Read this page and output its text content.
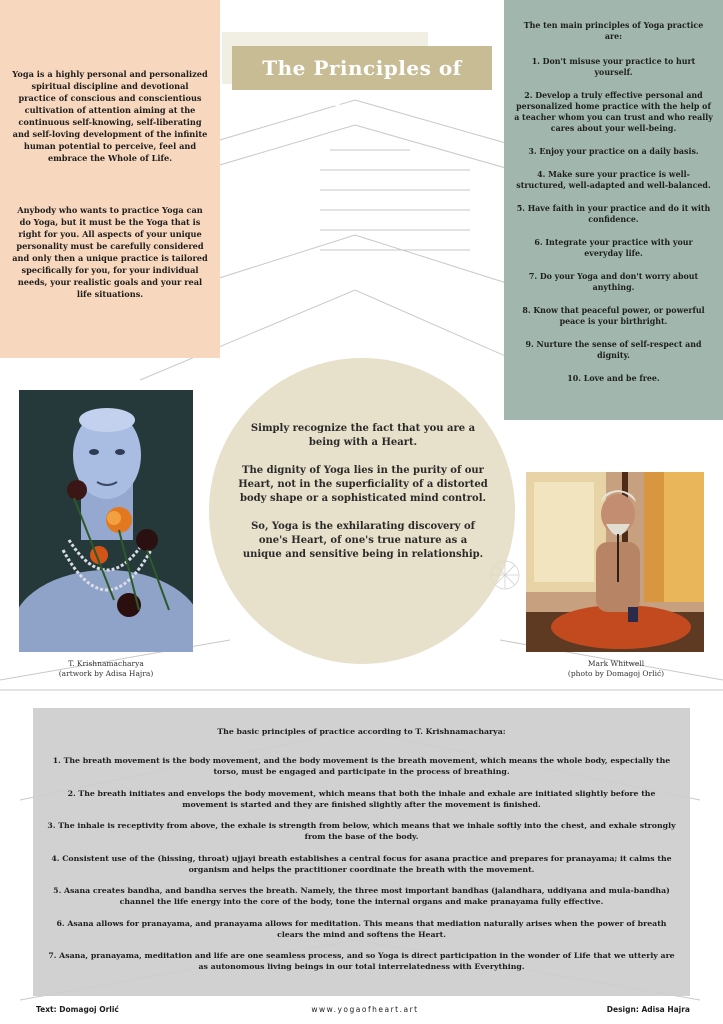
Yoga is a highly personal and personalized spiritual discipline and devotional practice of conscious and conscientious cultivation of attention aiming at the continuous self-knowing, self-liberating and self-loving development of the infinite human potential to perceive, feel and embrace the Whole of Life.

Anybody who wants to practice Yoga can do Yoga, but it must be the Yoga that is right for you. All aspects of your unique personality must be carefully considered and only then a unique practice is tailored specifically for you, for your individual needs, your realistic goals and your real life situations.

The Principles of Yoga

The ten main principles of Yoga practice are:

1. Don't misuse your practice to hurt yourself.
2. Develop a truly effective personal and personalized home practice with the help of a teacher whom you can trust and who really cares about your well-being.
3. Enjoy your practice on a daily basis.
4. Make sure your practice is well-structured, well-adapted and well-balanced.
5. Have faith in your practice and do it with confidence.
6. Integrate your practice with your everyday life.
7. Do your Yoga and don't worry about anything.
8. Know that peaceful power, or powerful peace is your birthright.
9. Nurture the sense of self-respect and dignity.
10. Love and be free.

Simply recognize the fact that you are a being with a Heart.

The dignity of Yoga lies in the purity of our Heart, not in the superficiality of a distorted body shape or a sophisticated mind control.

So, Yoga is the exhilarating discovery of one's Heart, of one's true nature as a unique and sensitive being in relationship.

T. Krishnamacharya
(artwork by Adisa Hajra)
Mark Whitwell
(photo by Domagoj Orlić)

The basic principles of practice according to T. Krishnamacharya:

1. The breath movement is the body movement, and the body movement is the breath movement, which means the whole body, especially the torso, must be engaged and participate in the process of breathing.
2. The breath initiates and envelops the body movement, which means that both the inhale and exhale are initiated slightly before the movement is started and they are finished slightly after the movement is finished.
3. The inhale is receptivity from above, the exhale is strength from below, which means that we inhale softly into the chest, and exhale strongly from the base of the body.
4. Consistent use of the (hissing, throat) ujjayi breath establishes a central focus for asana practice and prepares for pranayama; it calms the organism and helps the practitioner coordinate the breath with the movement.
5. Asana creates bandha, and bandha serves the breath. Namely, the three most important bandhas (jalandhara, uddiyana and mula-bandha) channel the life energy into the core of the body, tone the internal organs and make pranayama fully effective.
6. Asana allows for pranayama, and pranayama allows for meditation. This means that mediation naturally arises when the power of breath clears the mind and softens the Heart.
7. Asana, pranayama, meditation and life are one seamless process, and so Yoga is direct participation in the wonder of Life that we utterly are as autonomous living beings in our total interrelatedness with Everything.
Text: Domagoj Orlić	www.yogaofheart.art	Design: Adisa Hajra
